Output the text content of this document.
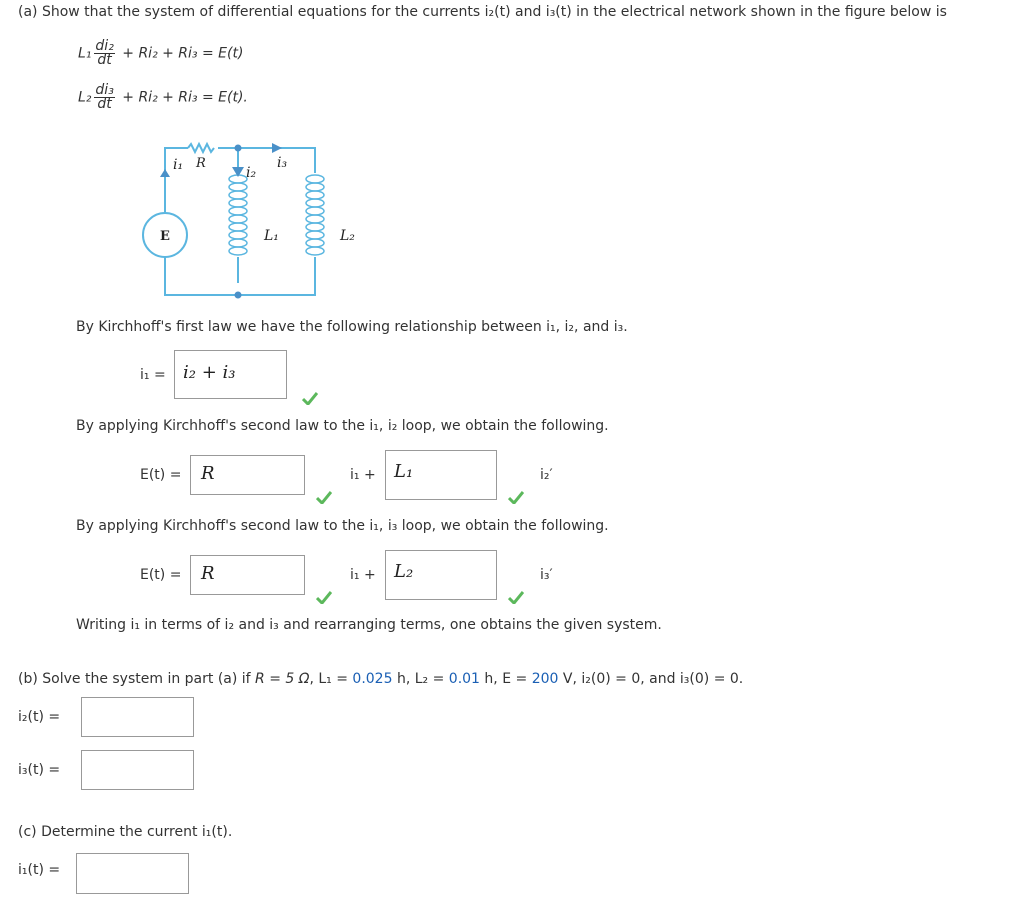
(a) Show that the system of differential equations for the currents i₂(t) and i₃(t) in the electrical network shown in the figure below is
$L_1 \frac{\text{di₂}}{dt} + Ri_2 + Ri_3 = E(t)$
$L_2 \frac{\text{di₃}}{dt} + Ri_2 + Ri_3 = E(t)$.
i₁ R
i₂
i₃
E	L₁	L₂
By Kirchhoff's first law we have the following relationship between i₁, i₂, and i₃.
i₁ = i₂ + i₃
By applying Kirchhoff's second law to the i₁, i₂ loop, we obtain the following.
E(t) =	R	i₁ +	L₁	i₂′
By applying Kirchhoff's second law to the i₁, i₃ loop, we obtain the following.
E(t) =	R	i₁ +	L₂	i₃′
Writing i₁ in terms of i₂ and i₃ and rearranging terms, one obtains the given system.
(b) Solve the system in part (a) if R = 5 Ω, L₁ = 0.025 h, L₂ = 0.01 h, E = 200 V, i₂(0) = 0, and i₃(0) = 0.
i₂(t) =
i₃(t) =
(c) Determine the current i₁(t).
i₁(t) =
